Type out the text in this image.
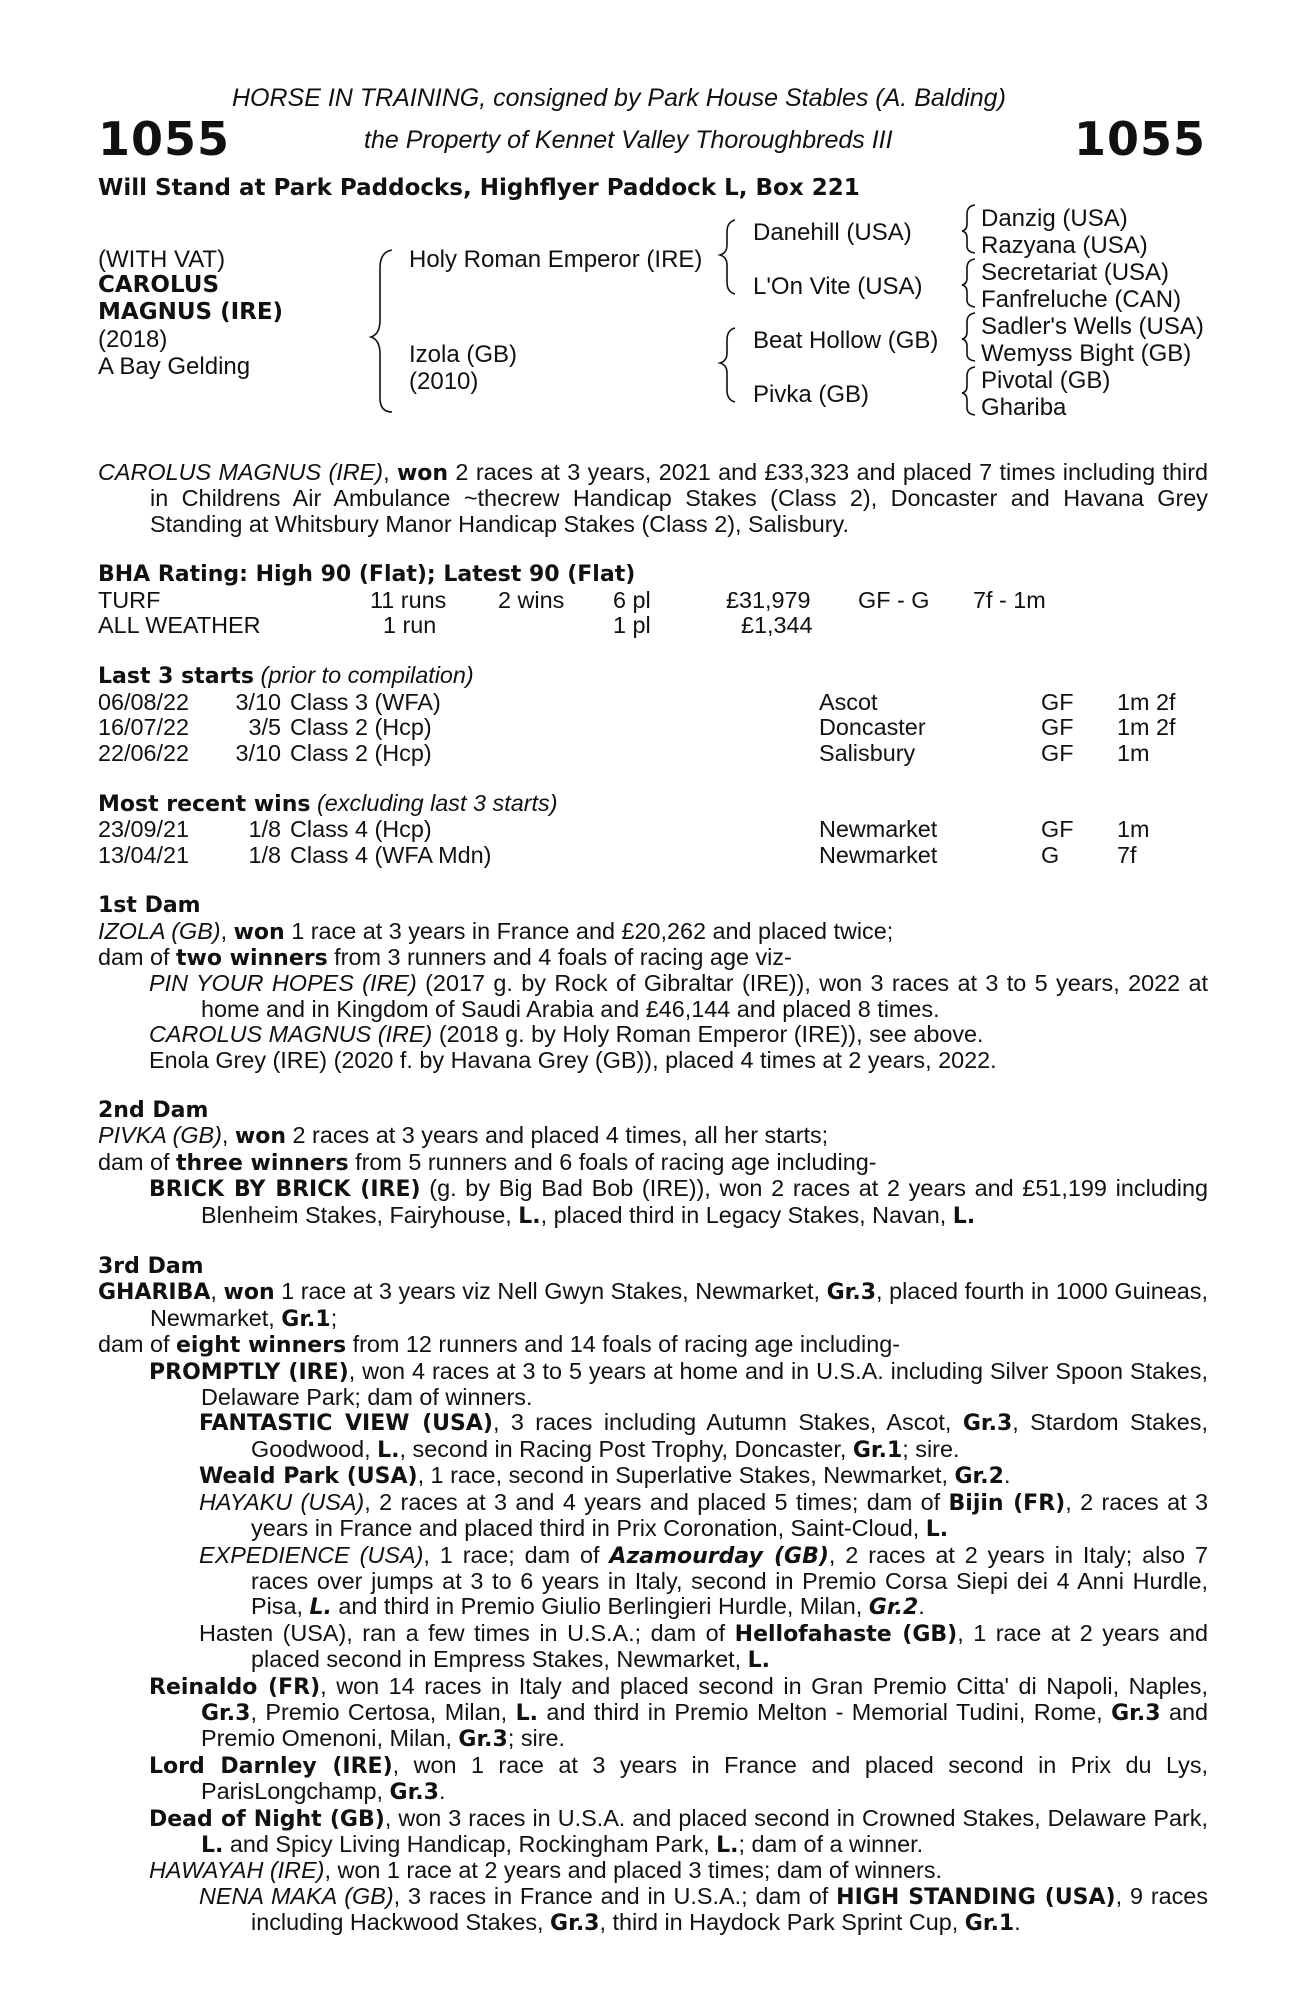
1055	1055
HORSE IN TRAINING, consigned by Park House Stables (A. Balding)
the Property of Kennet Valley Thoroughbreds III
Will Stand at Park Paddocks, Highflyer Paddock L, Box 221
(WITH VAT)
CAROLUS
MAGNUS (IRE)
(2018)
A Bay Gelding
Holy Roman Emperor (IRE)
Izola (GB)
(2010)
Danehill (USA)
L'On Vite (USA)
Beat Hollow (GB)
Pivka (GB)
Danzig (USA)
Razyana (USA)
Secretariat (USA)
Fanfreluche (CAN)
Sadler's Wells (USA)
Wemyss Bight (GB)
Pivotal (GB)
Ghariba

CAROLUS MAGNUS (IRE), won 2 races at 3 years, 2021 and £33,323 and placed 7 times including third in Childrens Air Ambulance ~thecrew Handicap Stakes (Class 2), Doncaster and Havana Grey Standing at Whitsbury Manor Handicap Stakes (Class 2), Salisbury.

BHA Rating: High 90 (Flat); Latest 90 (Flat)

TURF	11 runs 2 wins 6 pl	£31,979 GF - G 7f - 1m
ALL WEATHER	1 run	1 pl	£1,344

Last 3 starts (prior to compilation)

06/08/22	3/10 Class 3 (WFA)	Ascot	GF 1m 2f
16/07/22	3/5 Class 2 (Hcp)	Doncaster	GF 1m 2f
22/06/22	3/10 Class 2 (Hcp)	Salisbury	GF 1m

Most recent wins (excluding last 3 starts)

23/09/21	1/8 Class 4 (Hcp)	Newmarket	GF 1m
13/04/21	1/8 Class 4 (WFA Mdn)	Newmarket	G 7f

1st Dam

IZOLA (GB), won 1 race at 3 years in France and £20,262 and placed twice;

dam of two winners from 3 runners and 4 foals of racing age viz-

PIN YOUR HOPES (IRE) (2017 g. by Rock of Gibraltar (IRE)), won 3 races at 3 to 5 years, 2022 at home and in Kingdom of Saudi Arabia and £46,144 and placed 8 times.

CAROLUS MAGNUS (IRE) (2018 g. by Holy Roman Emperor (IRE)), see above.

Enola Grey (IRE) (2020 f. by Havana Grey (GB)), placed 4 times at 2 years, 2022.

2nd Dam

PIVKA (GB), won 2 races at 3 years and placed 4 times, all her starts;

dam of three winners from 5 runners and 6 foals of racing age including-

BRICK BY BRICK (IRE) (g. by Big Bad Bob (IRE)), won 2 races at 2 years and £51,199 including Blenheim Stakes, Fairyhouse, L., placed third in Legacy Stakes, Navan, L.

3rd Dam

GHARIBA, won 1 race at 3 years viz Nell Gwyn Stakes, Newmarket, Gr.3, placed fourth in 1000 Guineas, Newmarket, Gr.1;

dam of eight winners from 12 runners and 14 foals of racing age including-

PROMPTLY (IRE), won 4 races at 3 to 5 years at home and in U.S.A. including Silver Spoon Stakes, Delaware Park; dam of winners.

FANTASTIC VIEW (USA), 3 races including Autumn Stakes, Ascot, Gr.3, Stardom Stakes, Goodwood, L., second in Racing Post Trophy, Doncaster, Gr.1; sire.

Weald Park (USA), 1 race, second in Superlative Stakes, Newmarket, Gr.2.

HAYAKU (USA), 2 races at 3 and 4 years and placed 5 times; dam of Bijin (FR), 2 races at 3 years in France and placed third in Prix Coronation, Saint-Cloud, L.

EXPEDIENCE (USA), 1 race; dam of Azamourday (GB), 2 races at 2 years in Italy; also 7 races over jumps at 3 to 6 years in Italy, second in Premio Corsa Siepi dei 4 Anni Hurdle, Pisa, L. and third in Premio Giulio Berlingieri Hurdle, Milan, Gr.2.

Hasten (USA), ran a few times in U.S.A.; dam of Hellofahaste (GB), 1 race at 2 years and placed second in Empress Stakes, Newmarket, L.

Reinaldo (FR), won 14 races in Italy and placed second in Gran Premio Citta' di Napoli, Naples, Gr.3, Premio Certosa, Milan, L. and third in Premio Melton - Memorial Tudini, Rome, Gr.3 and Premio Omenoni, Milan, Gr.3; sire.

Lord Darnley (IRE), won 1 race at 3 years in France and placed second in Prix du Lys, ParisLongchamp, Gr.3.

Dead of Night (GB), won 3 races in U.S.A. and placed second in Crowned Stakes, Delaware Park, L. and Spicy Living Handicap, Rockingham Park, L.; dam of a winner.

HAWAYAH (IRE), won 1 race at 2 years and placed 3 times; dam of winners.

NENA MAKA (GB), 3 races in France and in U.S.A.; dam of HIGH STANDING (USA), 9 races including Hackwood Stakes, Gr.3, third in Haydock Park Sprint Cup, Gr.1.
